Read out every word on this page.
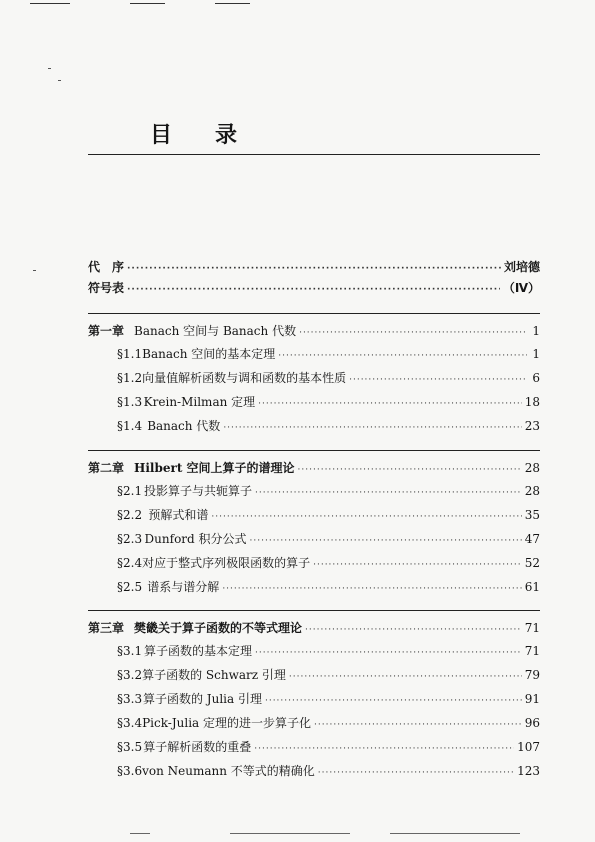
目 录
代　序 ·····	刘培德
符号表 ·····	（Ⅳ）
第一章 Banach 空间与 Banach 代数 ·····	1
§1.1 Banach 空间的基本定理 ·····	1
§1.2 向量值解析函数与调和函数的基本性质 ·····	6
§1.3 Krein-Milman 定理 ·····	18
§1.4 Banach 代数 ·····	23
第二章 Hilbert 空间上算子的谱理论 ·····	28
§2.1 投影算子与共轭算子 ·····	28
§2.2 预解式和谱 ·····	35
§2.3 Dunford 积分公式 ·····	47
§2.4 对应于整式序列极限函数的算子 ·····	52
§2.5 谱系与谱分解 ·····	61
第三章 樊畿关于算子函数的不等式理论 ·····	71
§3.1 算子函数的基本定理 ·····	71
§3.2 算子函数的 Schwarz 引理 ·····	79
§3.3 算子函数的 Julia 引理 ·····	91
§3.4 Pick-Julia 定理的进一步算子化 ·····	96
§3.5 算子解析函数的重叠 ·····	107
§3.6 von Neumann 不等式的精确化 ·····	123
